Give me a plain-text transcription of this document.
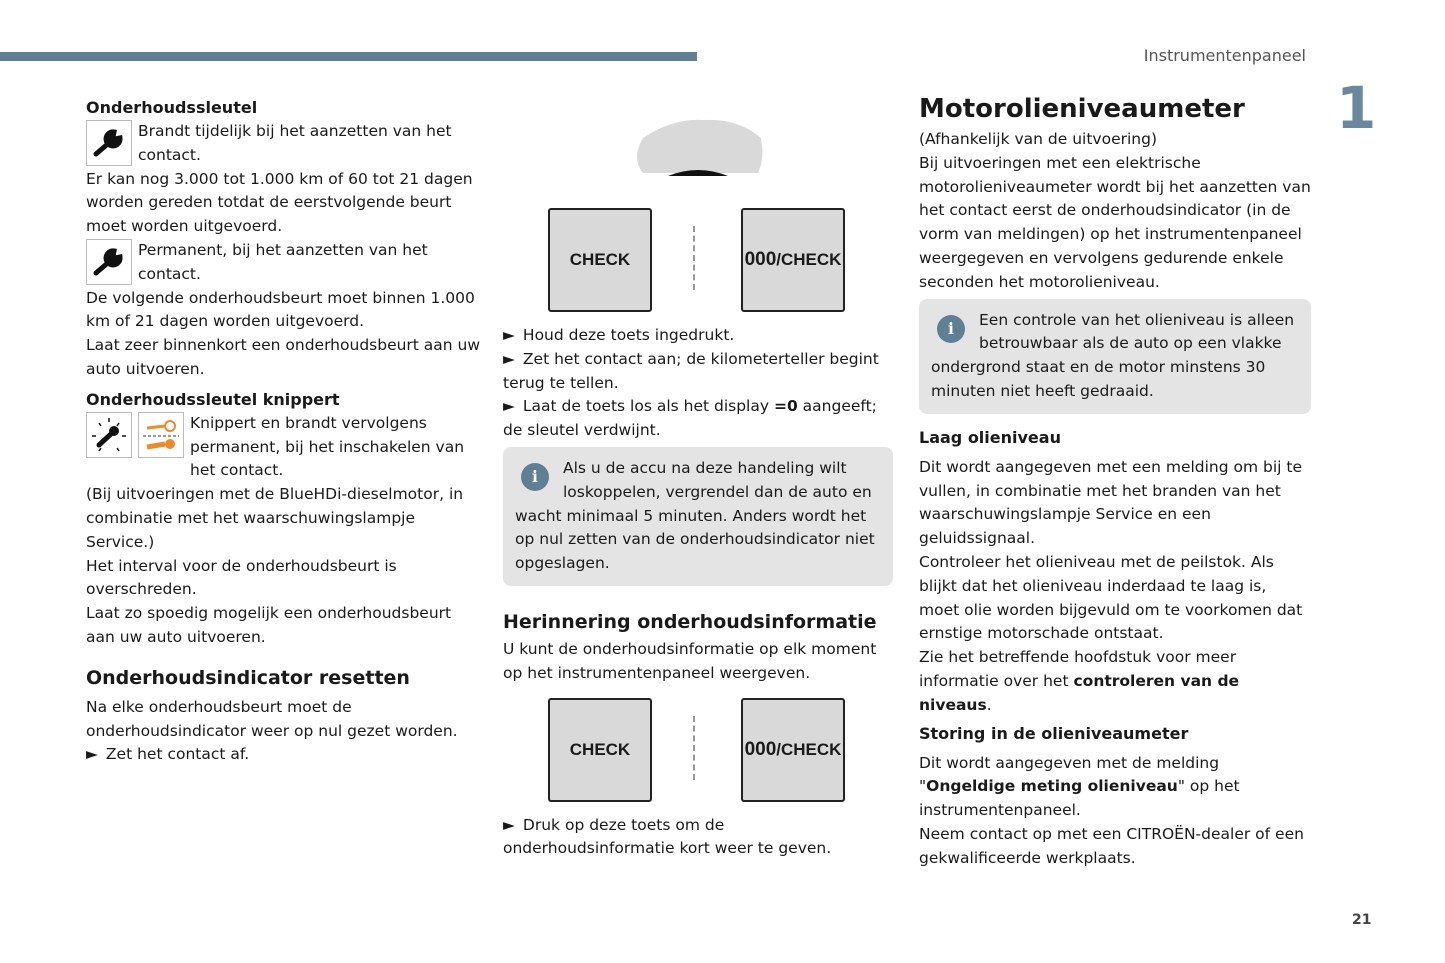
Instrumentenpaneel
1
21
Onderhoudssleutel

Brandt tijdelijk bij het aanzetten van het contact.

Er kan nog 3.000 tot 1.000 km of 60 tot 21 dagen worden gereden totdat de eerstvolgende beurt moet worden uitgevoerd.

Permanent, bij het aanzetten van het contact.

De volgende onderhoudsbeurt moet binnen 1.000 km of 21 dagen worden uitgevoerd.

Laat zeer binnenkort een onderhoudsbeurt aan uw auto uitvoeren.

Onderhoudssleutel knippert

Knippert en brandt vervolgens permanent, bij het inschakelen van het contact.

(Bij uitvoeringen met de BlueHDi-dieselmotor, in combinatie met het waarschuwingslampje Service.)

Het interval voor de onderhoudsbeurt is overschreden.

Laat zo spoedig mogelijk een onderhoudsbeurt aan uw auto uitvoeren.

Onderhoudsindicator resetten

Na elke onderhoudsbeurt moet de onderhoudsindicator weer op nul gezet worden.

► Zet het contact af.

CHECK	000 /CHECK

► Houd deze toets ingedrukt.

► Zet het contact aan; de kilometerteller begint terug te tellen.

► Laat de toets los als het display =0 aangeeft; de sleutel verdwijnt.

i	Als u de accu na deze handeling wilt loskoppelen, vergrendel dan de auto en wacht minimaal 5 minuten. Anders wordt het op nul zetten van de onderhoudsindicator niet opgeslagen.

Herinnering onderhoudsinformatie

U kunt de onderhoudsinformatie op elk moment op het instrumentenpaneel weergeven.

CHECK	000 /CHECK

► Druk op deze toets om de onderhoudsinformatie kort weer te geven.

Motorolieniveaumeter

(Afhankelijk van de uitvoering)

Bij uitvoeringen met een elektrische motorolieniveaumeter wordt bij het aanzetten van het contact eerst de onderhoudsindicator (in de vorm van meldingen) op het instrumentenpaneel weergegeven en vervolgens gedurende enkele seconden het motorolieniveau.

i	Een controle van het olieniveau is alleen betrouwbaar als de auto op een vlakke ondergrond staat en de motor minstens 30 minuten niet heeft gedraaid.

Laag olieniveau

Dit wordt aangegeven met een melding om bij te vullen, in combinatie met het branden van het waarschuwingslampje Service en een geluidssignaal.

Controleer het olieniveau met de peilstok. Als blijkt dat het olieniveau inderdaad te laag is, moet olie worden bijgevuld om te voorkomen dat ernstige motorschade ontstaat.

Zie het betreffende hoofdstuk voor meer informatie over het controleren van de niveaus.

Storing in de olieniveaumeter

Dit wordt aangegeven met de melding "Ongeldige meting olieniveau" op het instrumentenpaneel.

Neem contact op met een CITROËN-dealer of een gekwalificeerde werkplaats.
